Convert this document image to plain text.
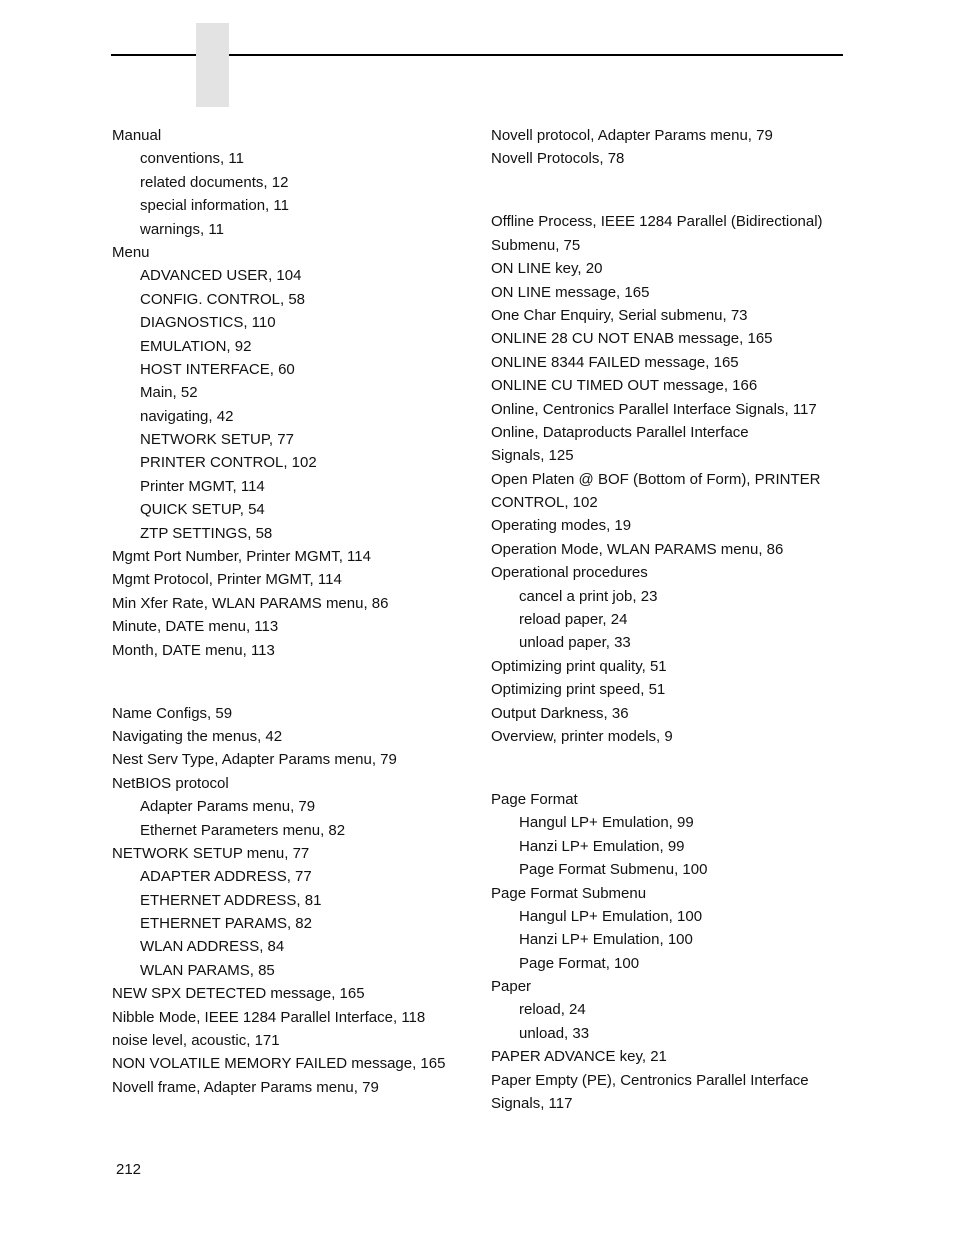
Manual
conventions, 11
related documents, 12
special information, 11
warnings, 11
Menu
ADVANCED USER, 104
CONFIG. CONTROL, 58
DIAGNOSTICS, 110
EMULATION, 92
HOST INTERFACE, 60
Main, 52
navigating, 42
NETWORK SETUP, 77
PRINTER CONTROL, 102
Printer MGMT, 114
QUICK SETUP, 54
ZTP SETTINGS, 58
Mgmt Port Number, Printer MGMT, 114
Mgmt Protocol, Printer MGMT, 114
Min Xfer Rate, WLAN PARAMS menu, 86
Minute, DATE menu, 113
Month, DATE menu, 113
Name Configs, 59
Navigating the menus, 42
Nest Serv Type, Adapter Params menu, 79
NetBIOS protocol
Adapter Params menu, 79
Ethernet Parameters menu, 82
NETWORK SETUP menu, 77
ADAPTER ADDRESS, 77
ETHERNET ADDRESS, 81
ETHERNET PARAMS, 82
WLAN ADDRESS, 84
WLAN PARAMS, 85
NEW SPX DETECTED message, 165
Nibble Mode, IEEE 1284 Parallel Interface, 118
noise level, acoustic, 171
NON VOLATILE MEMORY FAILED message, 165
Novell frame, Adapter Params menu, 79
Novell protocol, Adapter Params menu, 79
Novell Protocols, 78
Offline Process, IEEE 1284 Parallel (Bidirectional)
Submenu, 75
ON LINE key, 20
ON LINE message, 165
One Char Enquiry, Serial submenu, 73
ONLINE 28 CU NOT ENAB message, 165
ONLINE 8344 FAILED message, 165
ONLINE CU TIMED OUT message, 166
Online, Centronics Parallel Interface Signals, 117
Online, Dataproducts Parallel Interface
Signals, 125
Open Platen @ BOF (Bottom of Form), PRINTER
CONTROL, 102
Operating modes, 19
Operation Mode, WLAN PARAMS menu, 86
Operational procedures
cancel a print job, 23
reload paper, 24
unload paper, 33
Optimizing print quality, 51
Optimizing print speed, 51
Output Darkness, 36
Overview, printer models, 9
Page Format
Hangul LP+ Emulation, 99
Hanzi LP+ Emulation, 99
Page Format Submenu, 100
Page Format Submenu
Hangul LP+ Emulation, 100
Hanzi LP+ Emulation, 100
Page Format, 100
Paper
reload, 24
unload, 33
PAPER ADVANCE key, 21
Paper Empty (PE), Centronics Parallel Interface
Signals, 117
212
